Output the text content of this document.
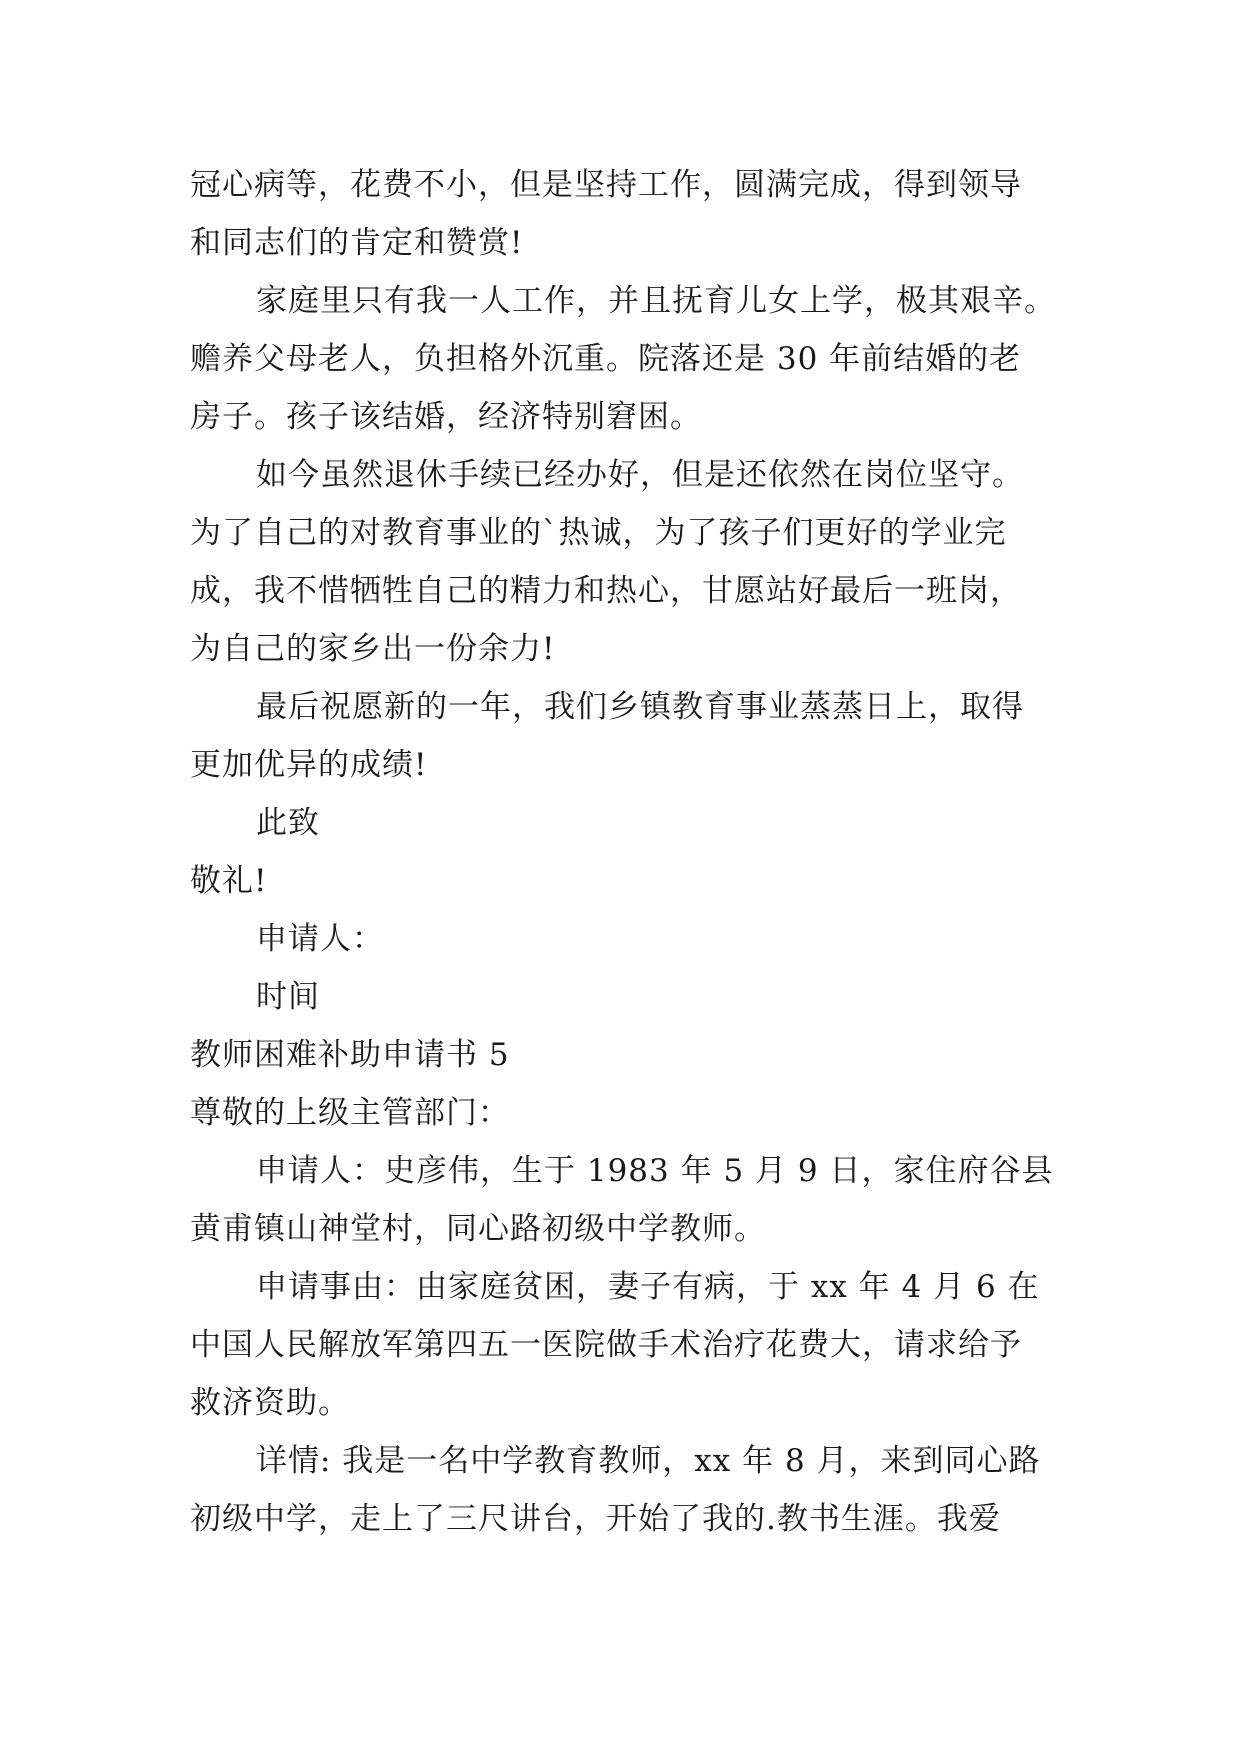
冠心病等，花费不小，但是坚持工作，圆满完成，得到领导
和同志们的肯定和赞赏!
家庭里只有我一人工作，并且抚育儿女上学，极其艰辛。
赡养父母老人，负担格外沉重。院落还是 30 年前结婚的老
房子。孩子该结婚，经济特别窘困。
如今虽然退休手续已经办好，但是还依然在岗位坚守。
为了自己的对教育事业的`热诚，为了孩子们更好的学业完
成，我不惜牺牲自己的精力和热心，甘愿站好最后一班岗，
为自己的家乡出一份余力!
最后祝愿新的一年，我们乡镇教育事业蒸蒸日上，取得
更加优异的成绩!
此致
敬礼!
申请人：
时间
教师困难补助申请书 5
尊敬的上级主管部门：
申请人：史彦伟，生于 1983 年 5 月 9 日，家住府谷县
黄甫镇山神堂村，同心路初级中学教师。
申请事由：由家庭贫困，妻子有病，于 xx 年 4 月 6 在
中国人民解放军第四五一医院做手术治疗花费大，请求给予
救济资助。
详情: 我是一名中学教育教师，xx 年 8 月，来到同心路
初级中学，走上了三尺讲台，开始了我的.教书生涯。我爱
